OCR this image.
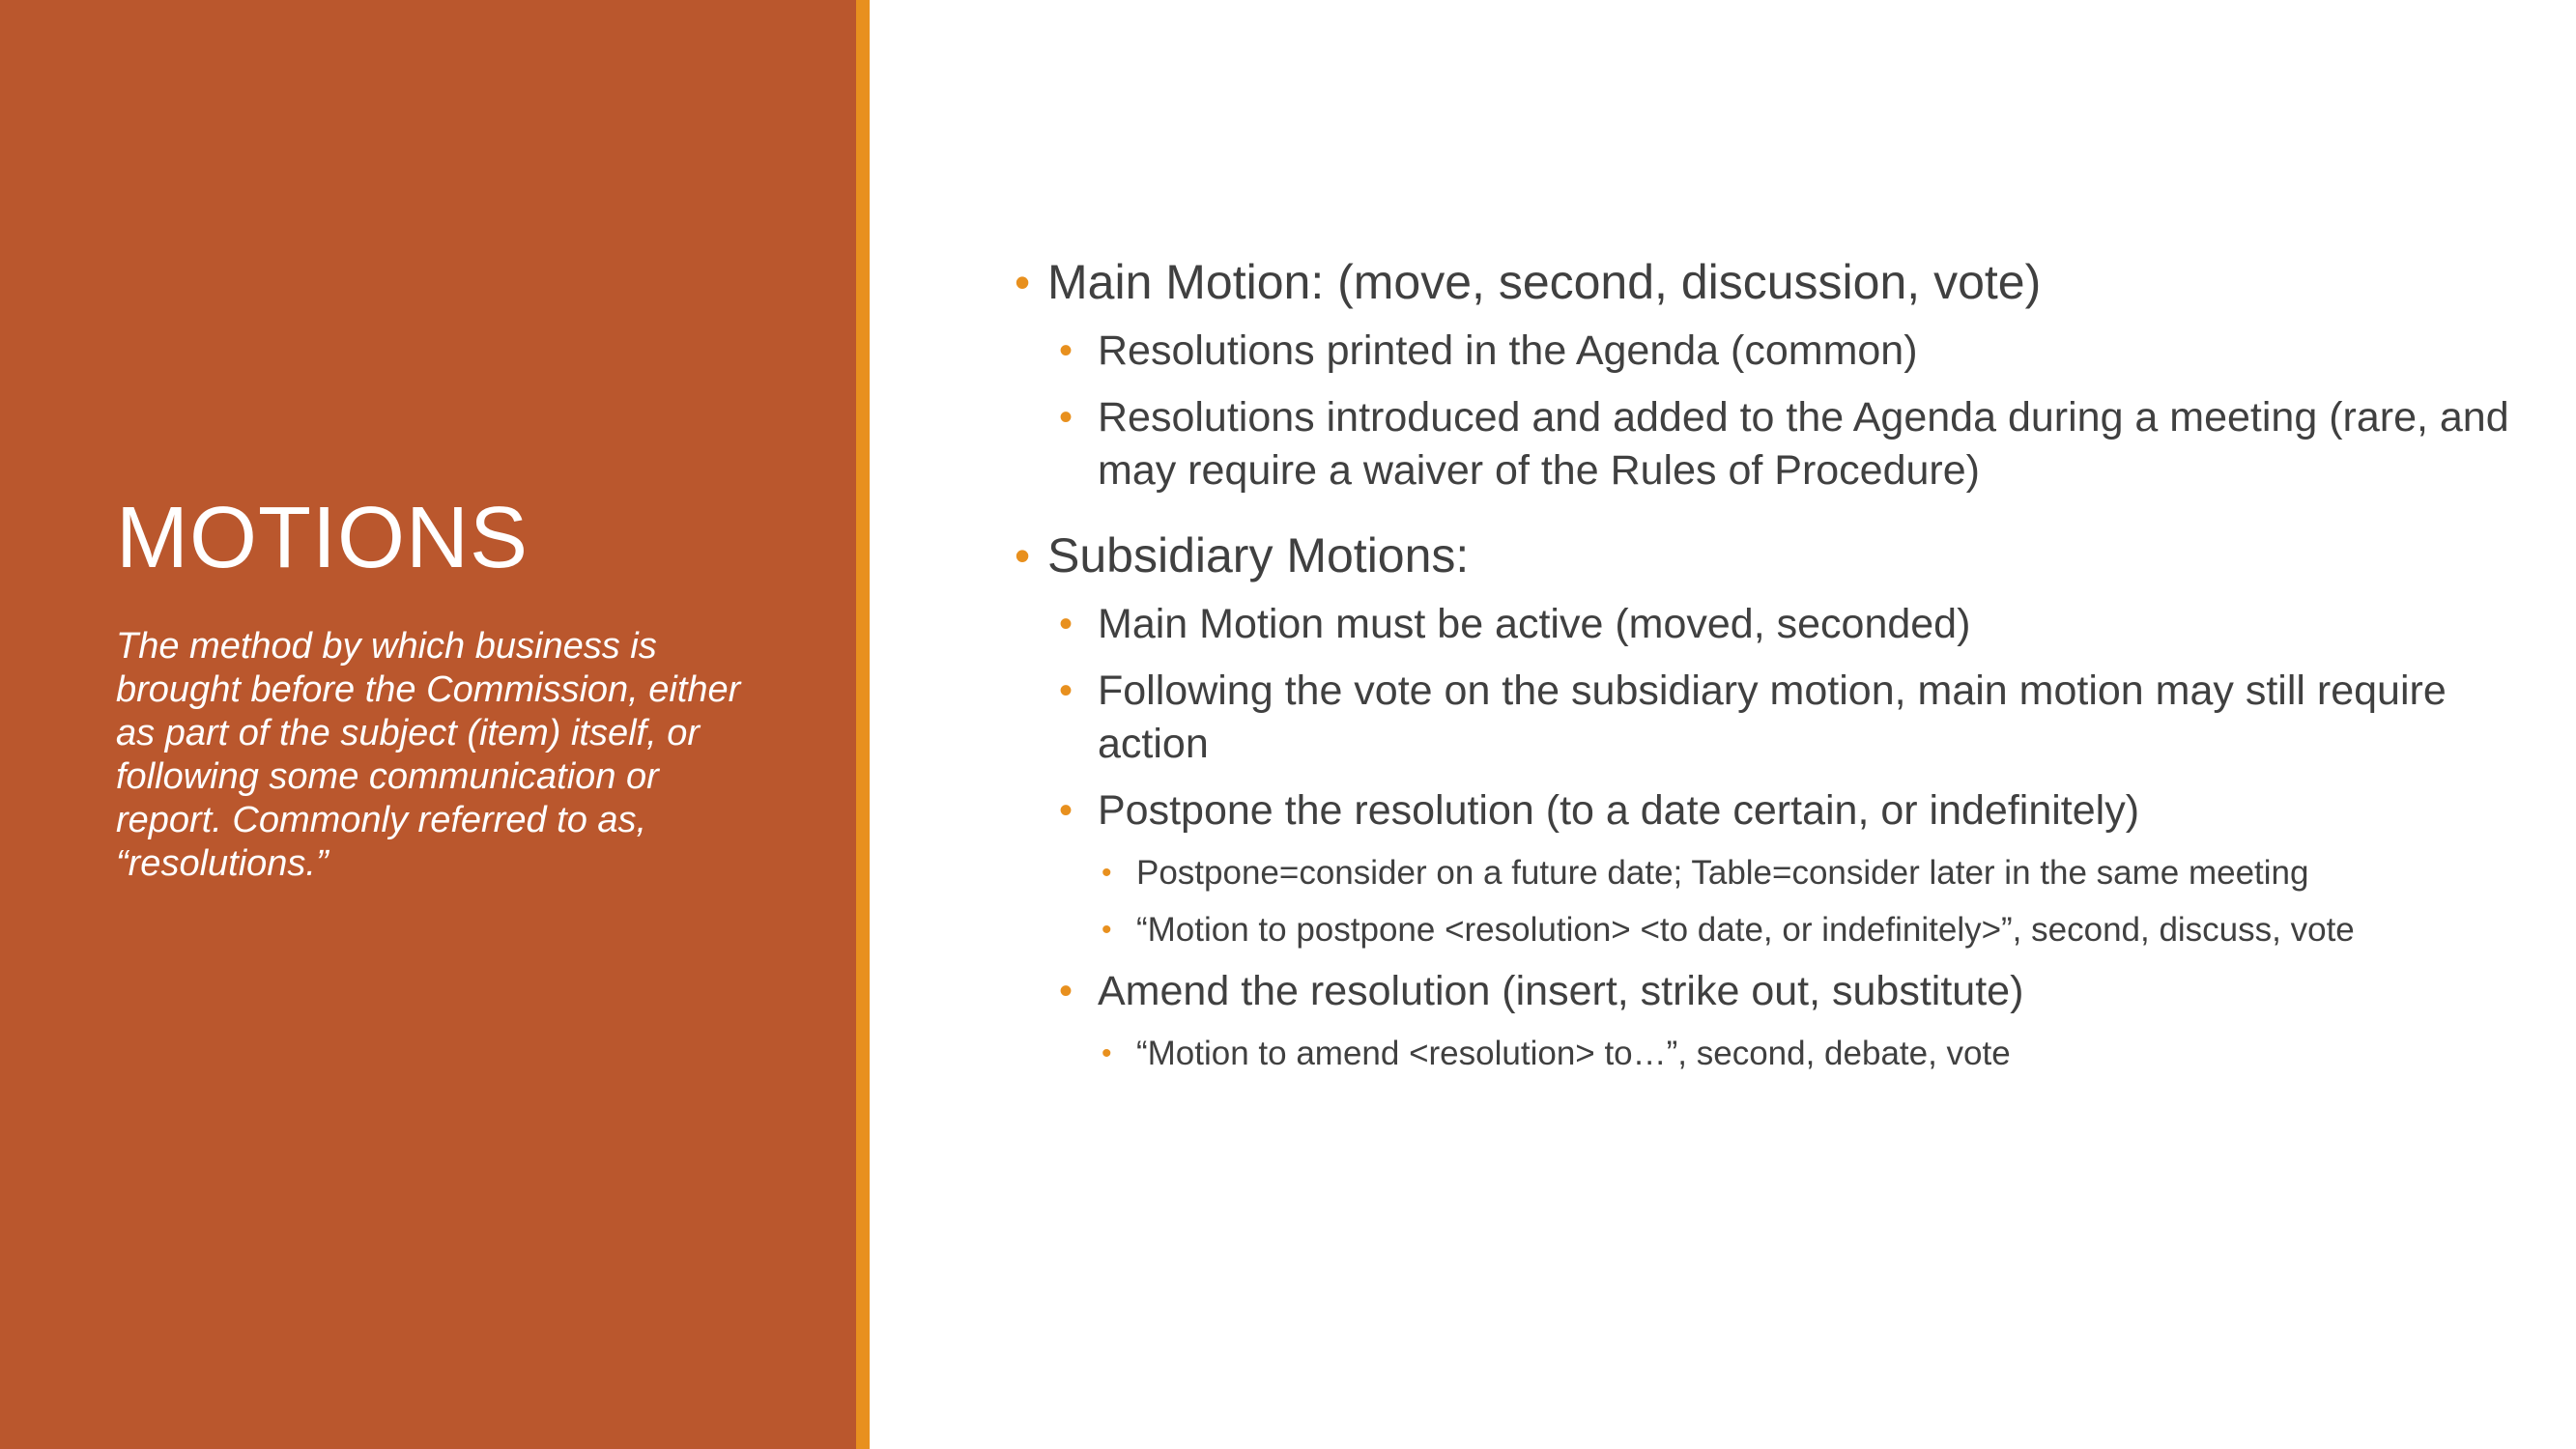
MOTIONS

The method by which business is brought before the Commission, either as part of the subject (item) itself, or following some communication or report. Commonly referred to as, “resolutions.”

• Main Motion: (move, second, discussion, vote)
• Resolutions printed in the Agenda (common)
• Resolutions introduced and added to the Agenda during a meeting (rare, and may require a waiver of the Rules of Procedure)
• Subsidiary Motions:
• Main Motion must be active (moved, seconded)
• Following the vote on the subsidiary motion, main motion may still require action
• Postpone the resolution (to a date certain, or indefinitely)
• Postpone=consider on a future date; Table=consider later in the same meeting
• “Motion to postpone <resolution> <to date, or indefinitely>”, second, discuss, vote
• Amend the resolution (insert, strike out, substitute)
• “Motion to amend <resolution> to…”, second, debate, vote
